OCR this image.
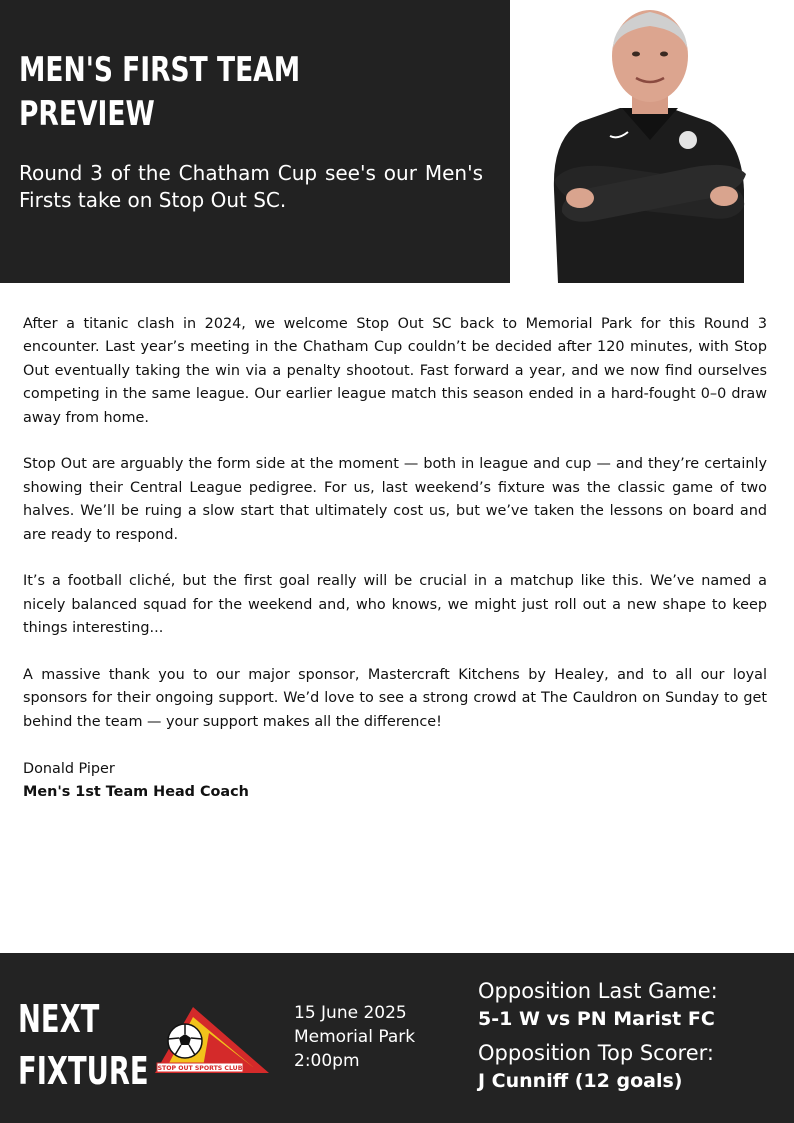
MEN'S FIRST TEAM
PREVIEW
Round 3 of the Chatham Cup see's our Men's Firsts take on Stop Out SC.

After a titanic clash in 2024, we welcome Stop Out SC back to Memorial Park for this Round 3 encounter. Last year’s meeting in the Chatham Cup couldn’t be decided after 120 minutes, with Stop Out eventually taking the win via a penalty shootout. Fast forward a year, and we now find ourselves competing in the same league. Our earlier league match this season ended in a hard-fought 0–0 draw away from home.

Stop Out are arguably the form side at the moment — both in league and cup — and they’re certainly showing their Central League pedigree. For us, last weekend’s fixture was the classic game of two halves. We’ll be ruing a slow start that ultimately cost us, but we’ve taken the lessons on board and are ready to respond.

It’s a football cliché, but the first goal really will be crucial in a matchup like this. We’ve named a nicely balanced squad for the weekend and, who knows, we might just roll out a new shape to keep things interesting...

A massive thank you to our major sponsor, Mastercraft Kitchens by Healey, and to all our loyal sponsors for their ongoing support. We’d love to see a strong crowd at The Cauldron on Sunday to get behind the team — your support makes all the difference!

Donald Piper
Men's 1st Team Head Coach
NEXT
FIXTURE STOP OUT SPORTS CLUB
15 June 2025
Memorial Park
2:00pm
Opposition Last Game:
5-1 W vs PN Marist FC
Opposition Top Scorer:
J Cunniff (12 goals)
